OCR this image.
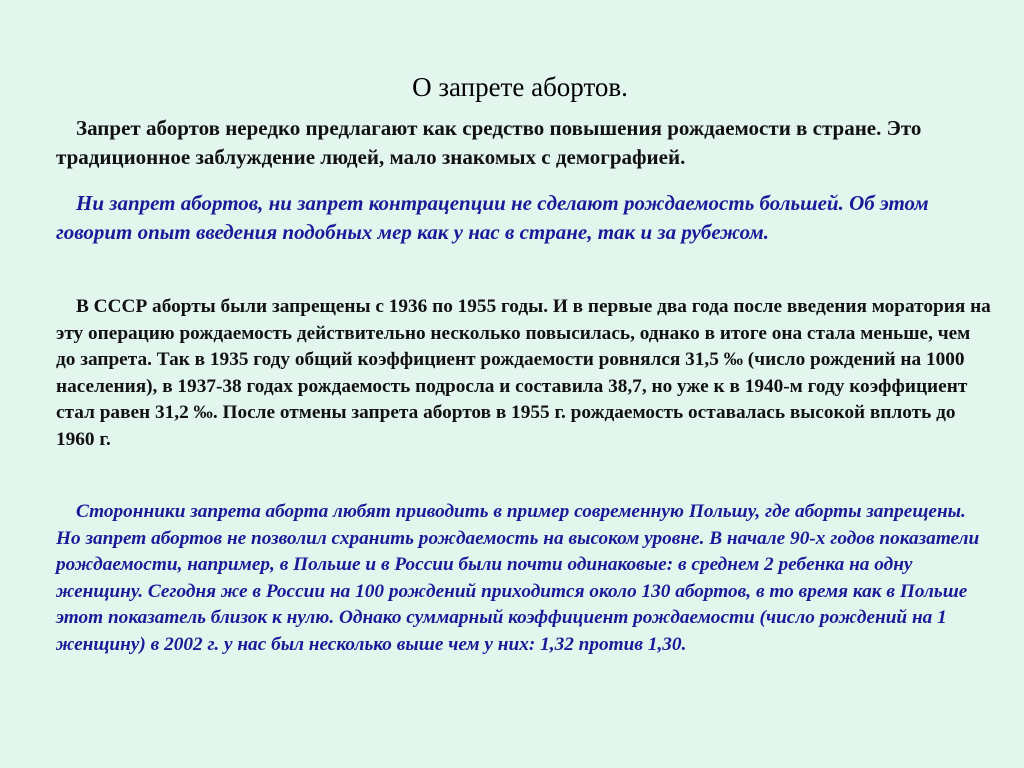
О запрете абортов.

Запрет абортов нередко предлагают как средство повышения рождаемости в стране. Это традиционное заблуждение людей, мало знакомых с демографией.

Ни запрет абортов, ни запрет контрацепции не сделают рождаемость большей. Об этом говорит опыт введения подобных мер как у нас в стране, так и за рубежом.

В СССР аборты были запрещены с 1936 по 1955 годы. И в первые два года после введения моратория на эту операцию рождаемость действительно несколько повысилась, однако в итоге она стала меньше, чем до запрета. Так в 1935 году общий коэффициент рождаемости ровнялся 31,5 ‰ (число рождений на 1000 населения), в 1937-38 годах рождаемость подросла и составила 38,7, но уже к в 1940-м году коэффициент стал равен 31,2 ‰. После отмены запрета абортов в 1955 г. рождаемость оставалась высокой вплоть до 1960 г.

Сторонники запрета аборта любят приводить в пример современную Польшу, где аборты запрещены. Но запрет абортов не позволил схранить рождаемость на высоком уровне. В начале 90-х годов показатели рождаемости, например, в Польше и в России были почти одинаковые: в среднем 2 ребенка на одну женщину. Сегодня же в России на 100 рождений приходится около 130 абортов, в то время как в Польше этот показатель близок к нулю. Однако суммарный коэффициент рождаемости (число рождений на 1 женщину) в 2002 г. у нас был несколько выше чем у них: 1,32 против 1,30.
